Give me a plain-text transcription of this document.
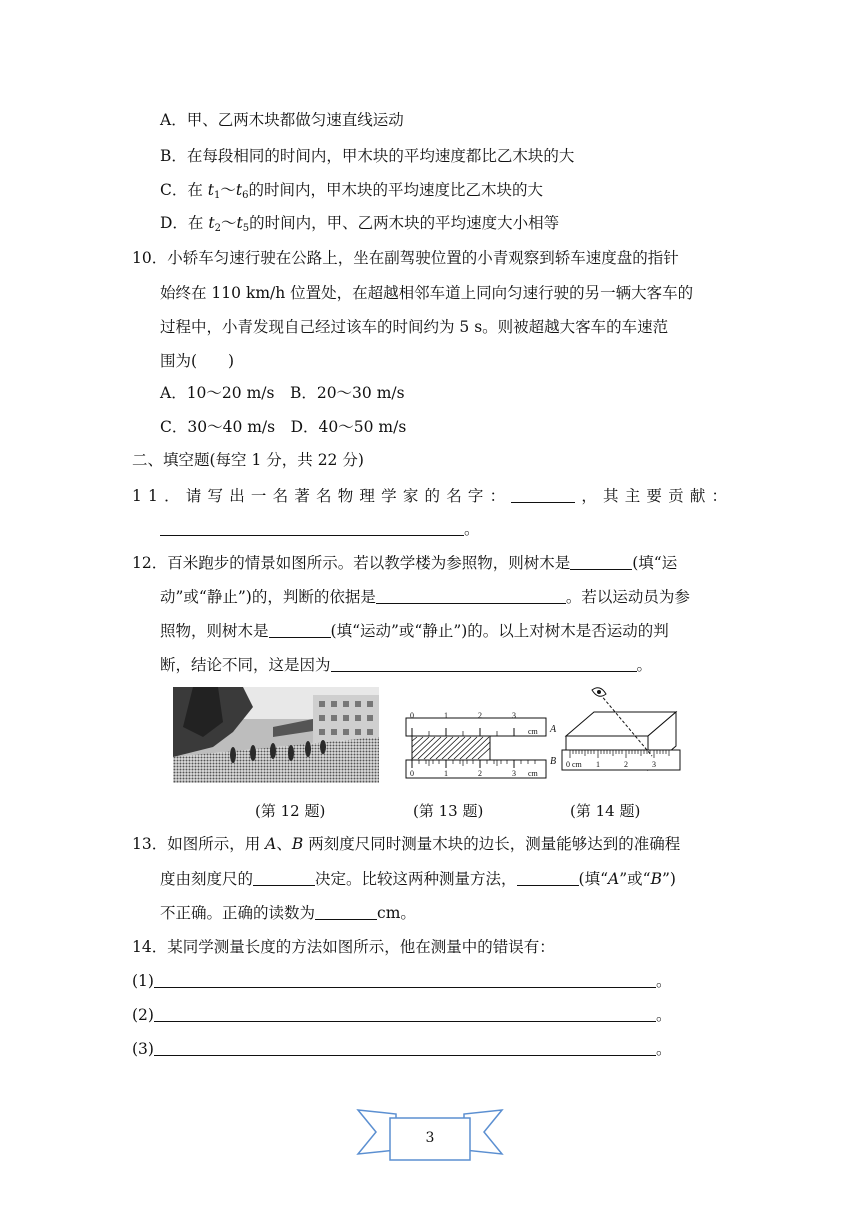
A．甲、乙两木块都做匀速直线运动
B．在每段相同的时间内，甲木块的平均速度都比乙木块的大
C．在 $t_1\sim t_6$的时间内，甲木块的平均速度比乙木块的大
D．在 $t_2\sim t_5$的时间内，甲、乙两木块的平均速度大小相等
10．小轿车匀速行驶在公路上，坐在副驾驶位置的小青观察到轿车速度盘的指针
始终在 110 km/h 位置处，在超越相邻车道上同向匀速行驶的另一辆大客车的
过程中，小青发现自己经过该车的时间约为 5 s。则被超越大客车的车速范
围为(　　)
A．10～20 m/s　B．20～30 m/s
C．30～40 m/s　D．40～50 m/s
二、填空题(每空 1 分，共 22 分)
11．请写出一名著名物理学家的名字：	，其主要贡献：
。
12．百米跑步的情景如图所示。若以教学楼为参照物，则树木是	(填“运
动”或“静止”)的，判断的依据是	。若以运动员为参
照物，则树木是	(填“运动”或“静止”)的。以上对树木是否运动的判
断，结论不同，这是因为	。
0	1	2	3
cm
0	1	2	3 cm
A
B 0 cm 1	2	3
(第 12 题)	(第 13 题)	(第 14 题)
13．如图所示，用 A、B 两刻度尺同时测量木块的边长，测量能够达到的准确程
度由刻度尺的	决定。比较这两种测量方法，	(填“A”或“B”)
不正确。正确的读数为	cm。
14．某同学测量长度的方法如图所示，他在测量中的错误有：
(1)	。
(2)	。
(3)	。
3
